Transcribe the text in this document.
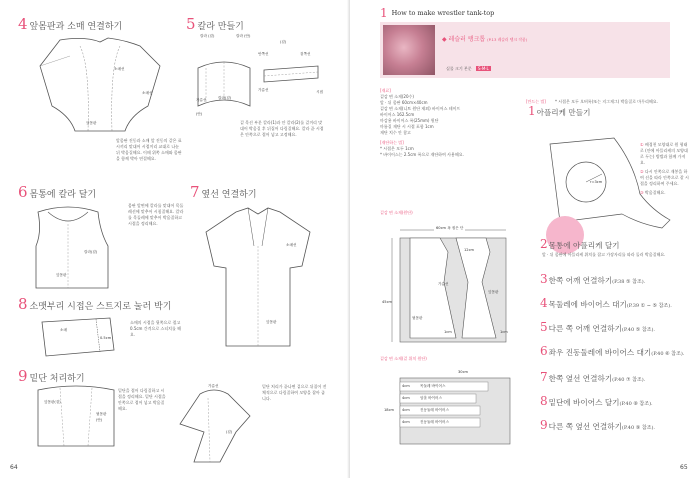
4 앞몸판과 소매 연결하기
소매선
소매선
앞몸판
앞몸판 진동과 소매 앞 진동의 같은 표시끼리 맞대어 시접끼리 교대로 나눈 뒤 박음질해요. 이때 위쪽 소매와 몸판을 함께 박아 연결해요.
5 칼라 만들기
칼라 (겉)	칼라 (안)
(겉)
칼라(겉)
시접
(안)
안쪽선	겉쪽선
가름선
가름선
겉 목선 부분 칼라(1)과 안 칼라(2)를 겉끼리 맞대어 박음질 후 뒤집어 다림질해요. 칼라 끝 시접은 안쪽으로 접어 넣고 고정해요.
6 몸통에 칼라 달기
칼라(겉)
앞몸판
몸판 앞면에 칼라를 맞대어 목둘레선에 맞추어 시침질해요. 칼라를 목둘레에 맞추어 박음질하고 시접을 정리해요.
7 옆선 연결하기
소매선
앞몸판
8 소맷부리 시접은 스트지로 눌러 박기
0.5cm
소매
소매의 시접을 뒷쪽으로 접고 0.5cm 간격으로 스티치를 해요.
9 밑단 처리하기
앞몸판(겉)
뒷몸판
(안)
밑단을 접어 다림질하고 시접을 정리해요. 밑단 시접을 안쪽으로 접어 넣고 박음질해요.
가름선
(겉)
밑단 처리가 끝나면 겉으로 뒤집어 전체적으로 다림질하여 모양을 잡아 줍니다.
64
1 How to make wrestler tank-top
◆ 레슬러 탱크톱 (P.13 레슬러 탱크 작품)
실물 크기 본문 S·M·L
[재료]
겉감 면 소재(20수)
앞 · 뒤 몸판 60cm×40cm
겉감 면 소재(니트 원단 제외) 바이어스 테이프
바이어스 162.5cm
마감용 바이어스 폭(25mm) 원단
마름질 재단 시 시접 포함 1cm
재단 치수 안 참고
[재단하는 법]
* 시접은 모두 1cm
* 바이어스는 2.5cm 폭으로 재단하여 사용해요.
겉감 면 소재(원단)
60cm 폭 접은 단
45cm
가름선
앞몸판
뒷몸판
12cm
1cm	1cm
겉감 면 소재(겉 위치 원단)
30cm
18cm
4cm	목둘레 바이어스
4cm	암홀 바이어스
4cm	진동둘레 바이어스
4cm	진동둘레 바이어스
[만드는 법] * 시접은 모두 오버록(또는 지그재그) 박음질로 마무리해요.
1아플리케 만들기
r=3cm
① 배경천 모양대로 원 형태로 (안에 아플리케의 모양대로 두는) 방법과 함께 가져요.
② 다시 안쪽으로 재봉을 하여 선을 따라 안쪽으로 잘 시접을 정리하여 주세요.
③ 박음질해요.
2몸통에 아플리케 달기
앞 · 뒤 몸판에 아플리케 위치를 잡고 가장자리를 따라 둘러 박음질해요.
3한쪽 어깨 연결하기(P.38 ⑤ 참조).
4목둘레에 바이어스 대기(P.39 ① ~ ⑤ 참조).
5다른 쪽 어깨 연결하기(P.40 ⑤ 참조).
6좌우 진동둘레에 바이어스 대기(P.40 ⑥ 참조).
7한쪽 옆선 연결하기(P.40 ⑦ 참조).
8밑단에 바이어스 달기(P.40 ⑧ 참조).
9다른 쪽 옆선 연결하기(P.40 ⑨ 참조).
65
